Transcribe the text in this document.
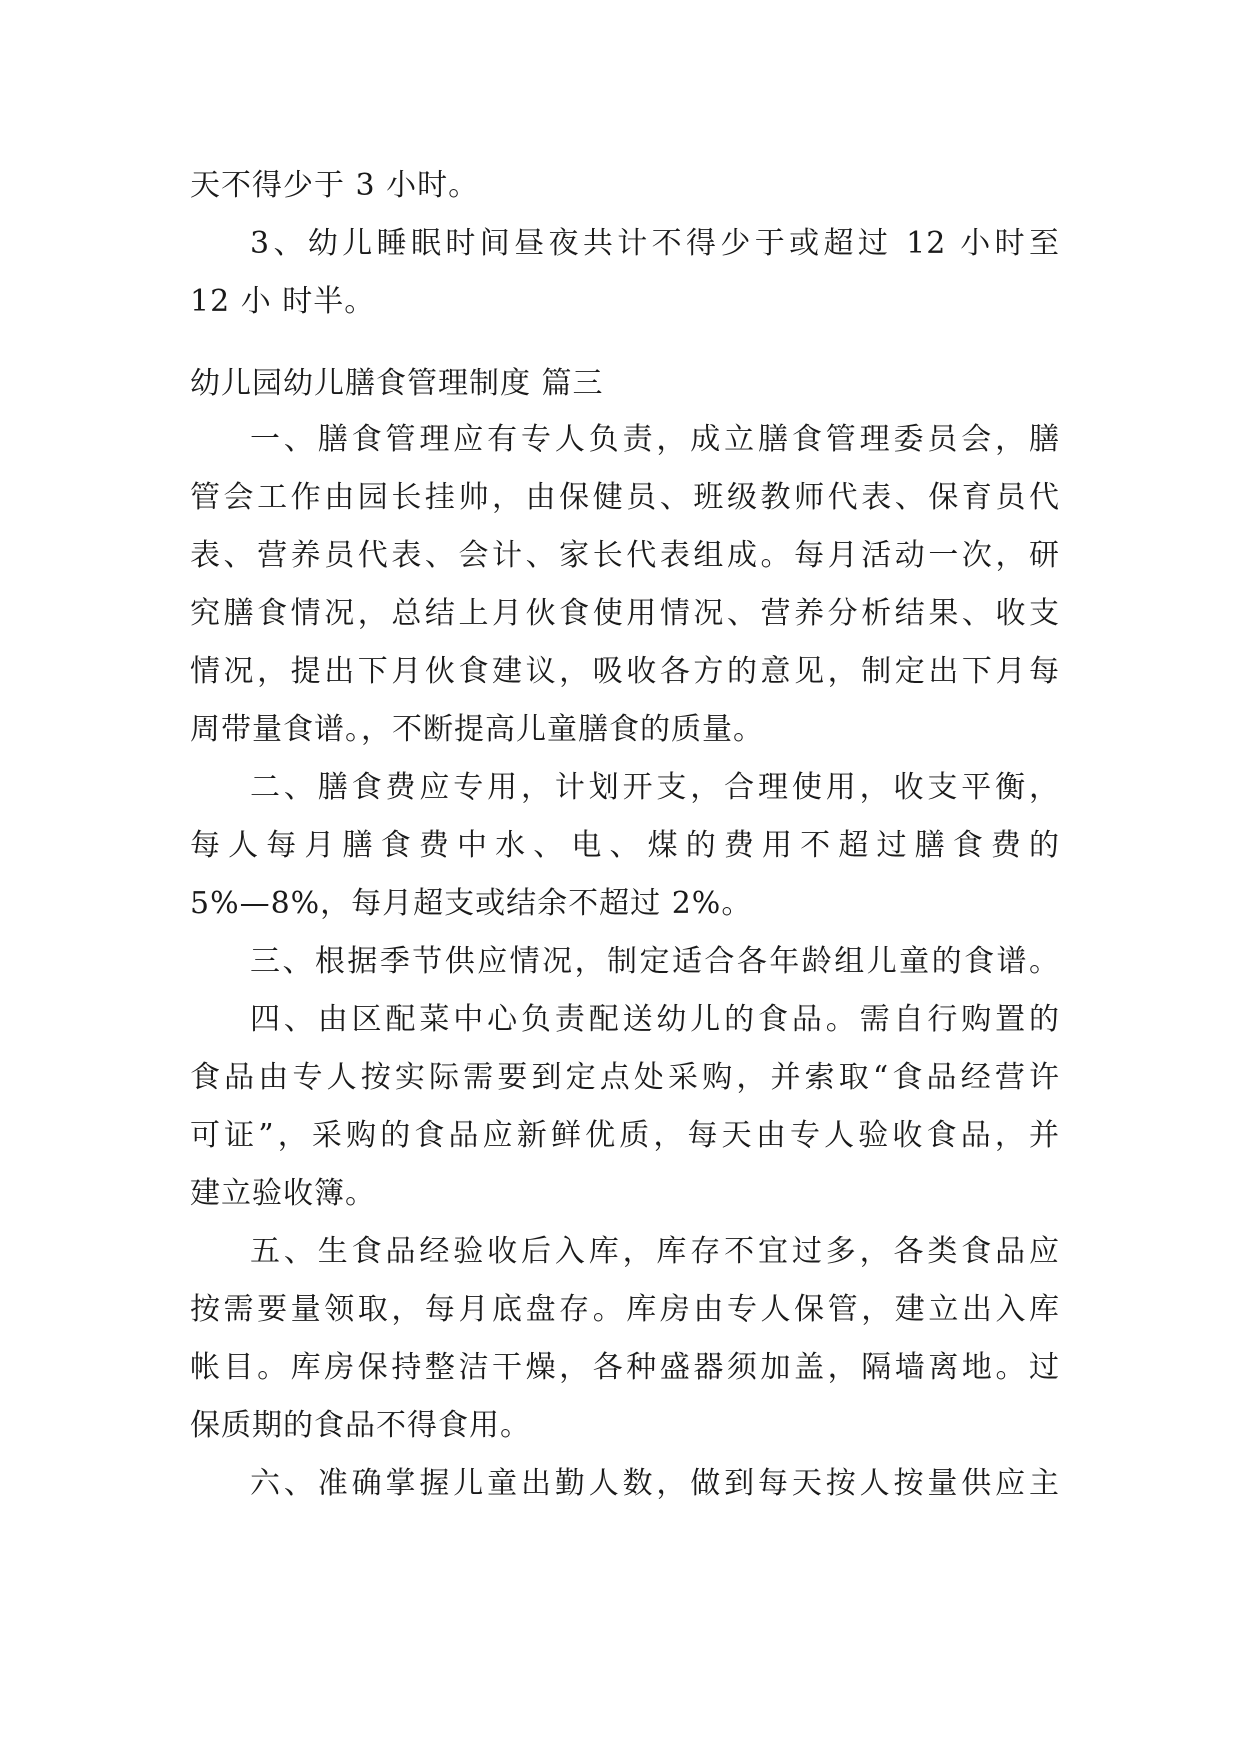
天不得少于 3 小时。
3、幼儿睡眠时间昼夜共计不得少于或超过 12 小时至
12 小 时半。
幼儿园幼儿膳食管理制度 篇三
一、膳食管理应有专人负责，成立膳食管理委员会，膳
管会工作由园长挂帅，由保健员、班级教师代表、保育员代
表、营养员代表、会计、家长代表组成。每月活动一次，研
究膳食情况，总结上月伙食使用情况、营养分析结果、收支
情况，提出下月伙食建议，吸收各方的意见，制定出下月每
周带量食谱。，不断提高儿童膳食的质量。
二、膳食费应专用，计划开支，合理使用，收支平衡，
每人每月膳食费中水、电、煤的费用不超过膳食费的
5%—8%，每月超支或结余不超过 2%。
三、根据季节供应情况，制定适合各年龄组儿童的食谱。
四、由区配菜中心负责配送幼儿的食品。需自行购置的
食品由专人按实际需要到定点处采购，并索取“食品经营许
可证”，采购的食品应新鲜优质，每天由专人验收食品，并
建立验收簿。
五、生食品经验收后入库，库存不宜过多，各类食品应
按需要量领取，每月底盘存。库房由专人保管，建立出入库
帐目。库房保持整洁干燥，各种盛器须加盖，隔墙离地。过
保质期的食品不得食用。
六、准确掌握儿童出勤人数，做到每天按人按量供应主
